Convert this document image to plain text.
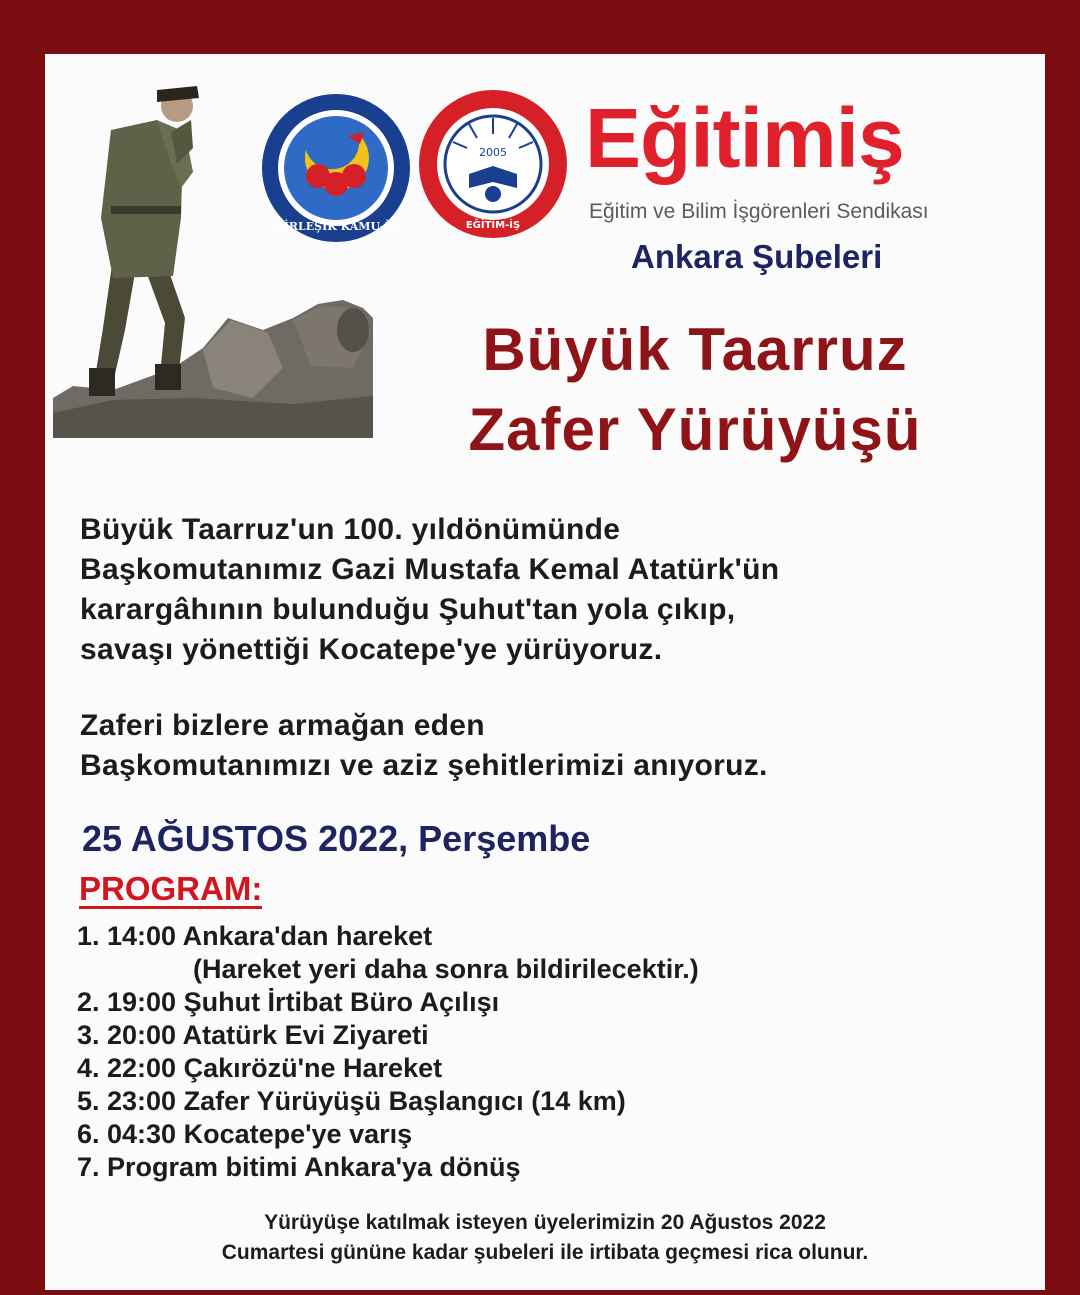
BİRLEŞİK KAMU-İŞ
2005
EĞİTİM-İŞ
Eğitimiş
Eğitim ve Bilim İşgörenleri Sendikası
Ankara Şubeleri
Büyük Taarruz
Zafer Yürüyüşü
Büyük Taarruz'un 100. yıldönümünde
Başkomutanımız Gazi Mustafa Kemal Atatürk'ün
karargâhının bulunduğu Şuhut'tan yola çıkıp,
savaşı yönettiği Kocatepe'ye yürüyoruz.
Zaferi bizlere armağan eden
Başkomutanımızı ve aziz şehitlerimizi anıyoruz.
25 AĞUSTOS 2022, Perşembe
PROGRAM:
1. 14:00 Ankara'dan hareket
(Hareket yeri daha sonra bildirilecektir.)
2. 19:00 Şuhut İrtibat Büro Açılışı
3. 20:00 Atatürk Evi Ziyareti
4. 22:00 Çakırözü'ne Hareket
5. 23:00 Zafer Yürüyüşü Başlangıcı (14 km)
6. 04:30 Kocatepe'ye varış
7. Program bitimi Ankara'ya dönüş
Yürüyüşe katılmak isteyen üyelerimizin 20 Ağustos 2022
Cumartesi gününe kadar şubeleri ile irtibata geçmesi rica olunur.
